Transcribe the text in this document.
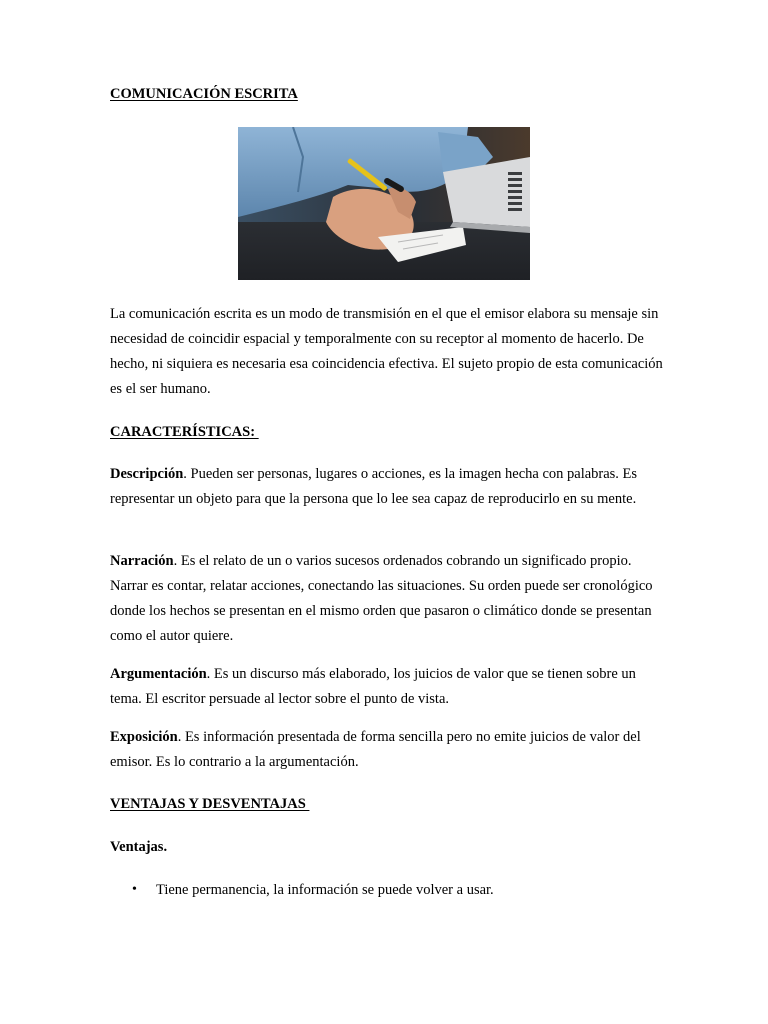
COMUNICACIÓN ESCRITA

La comunicación escrita es un modo de transmisión en el que el emisor elabora su mensaje sin necesidad de coincidir espacial y temporalmente con su receptor al momento de hacerlo. De hecho, ni siquiera es necesaria esa coincidencia efectiva. El sujeto propio de esta comunicación es el ser humano.

CARACTERÍSTICAS:

Descripción. Pueden ser personas, lugares o acciones, es la imagen hecha con palabras. Es representar un objeto para que la persona que lo lee sea capaz de reproducirlo en su mente.

Narración. Es el relato de un o varios sucesos ordenados cobrando un significado propio. Narrar es contar, relatar acciones, conectando las situaciones. Su orden puede ser cronológico donde los hechos se presentan en el mismo orden que pasaron o climático donde se presentan como el autor quiere.

Argumentación. Es un discurso más elaborado, los juicios de valor que se tienen sobre un tema. El escritor persuade al lector sobre el punto de vista.

Exposición. Es información presentada de forma sencilla pero no emite juicios de valor del emisor. Es lo contrario a la argumentación.

VENTAJAS Y DESVENTAJAS

Ventajas.

• Tiene permanencia, la información se puede volver a usar.
